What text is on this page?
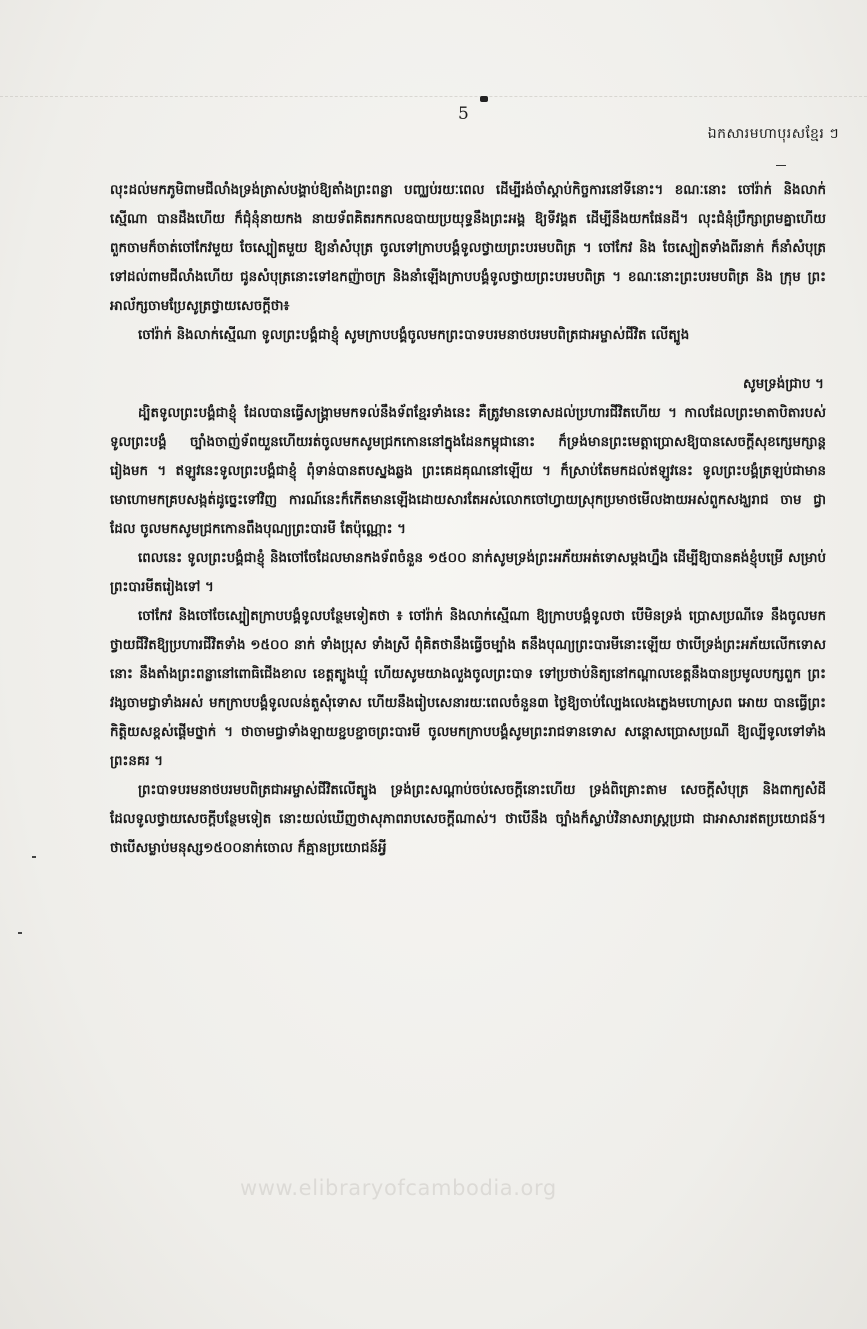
5
ឯកសារមហាបុរសខ្មែរ ៗ

លុះដល់មកភូមិពាមជីលាំងទ្រង់ត្រាស់បង្គាប់ឱ្យតាំងព្រះពន្លា បញ្ឈប់រយៈពេល ដើម្បីរង់ចាំស្ដាប់កិច្ចការនៅទីនោះ។ ខណៈនោះ ចៅរ៉ាក់ និងលាក់ស្មើណា បានដឹងហើយ ក៏ជុំនុំនាយកង នាយទ័ពគិតរកកលឧបាយប្រយុទ្ធនឹងព្រះអង្គ ឱ្យទីវង្គត ដើម្បីនឹងយកផែនដី។ លុះជំនុំប្រឹក្សាព្រមគ្នាហើយ ពួកចាមក៏ចាត់ចៅកែវមួយ ចែស្បៀតមួយ ឱ្យនាំសំបុត្រ ចូលទៅក្រាបបង្គំទូលថ្វាយព្រះបរមបពិត្រ ។ ចៅកែវ និង ចែស្បៀតទាំងពីរនាក់ ក៏នាំសំបុត្រទៅដល់ពាមជីលាំងហើយ ជូនសំបុត្រនោះទៅឧកញ៉ាចក្រ និងនាំឡើងក្រាបបង្គំទូលថ្វាយព្រះបរមបពិត្រ ។ ខណៈនោះព្រះបរមបពិត្រ និង ក្រុម ព្រះអាល័ក្សចាមប្រែសូត្រថ្វាយសេចក្ដីថា៖

ចៅរ៉ាក់ និងលាក់ស្មើណា ទូលព្រះបង្គំជាខ្ញុំ សូមក្រាបបង្គំចូលមកព្រះបាទបរមនាថបរមបពិត្រជាអម្ចាស់ជីវិត លើត្បូង

សូមទ្រង់ជ្រាប ។

ដ្បិតទូលព្រះបង្គំជាខ្ញុំ ដែលបានធ្វើសង្គ្រាមមកទល់នឹងទ័ពខ្មែរទាំងនេះ គឺត្រូវមានទោសដល់ប្រហារជីវិតហើយ ។ កាលដែលព្រះមាតាបិតារបស់ទូលព្រះបង្គំ ច្បាំងចាញ់ទ័ពយួនហើយរត់ចូលមកសូមជ្រកកោននៅក្នុងដែនកម្ពុជានោះ ក៏ទ្រង់មានព្រះមេត្តាប្រោសឱ្យបានសេចក្ដីសុខក្សេមក្សាន្តរៀងមក ។ ឥឡូវនេះទូលព្រះបង្គំជាខ្ញុំ ពុំទាន់បានតបស្នងឆ្លង ព្រះគេដគុណនៅឡើយ ។ ក៏ស្រាប់តែមកដល់ឥឡូវនេះ ទូលព្រះបង្គំត្រឡប់ជាមានមោហោមកគ្របសង្កត់ដូច្នេះទៅវិញ ការណ៍នេះក៏កើតមានឡើងដោយសារតែអស់លោកចៅហ្វាយស្រុកប្រមាថមើលងាយអស់ពួកសង្ឃរាជ ចាម ជ្វា ដែល ចូលមកសូមជ្រកកោនពឹងបុណ្យព្រះបារមី តែប៉ុណ្ណោះ ។

ពេលនេះ ទូលព្រះបង្គំជាខ្ញុំ និងចៅចែដែលមានកងទ័ពចំនួន ១៥០០ នាក់សូមទ្រង់ព្រះអភ័យអត់ទោសម្ដងហ្នឹង ដើម្បីឱ្យបានគង់ខ្ញុំបម្រើ សម្រាប់ព្រះបារមីតរៀងទៅ ។

ចៅកែវ និងចៅចែស្បៀតក្រាបបង្គំទូលបន្ថែមទៀតថា ៖ ចៅរ៉ាក់ និងលាក់ស្មើណា ឱ្យក្រាបបង្គំទូលថា បើមិនទ្រង់ ប្រោសប្រណីទេ នឹងចូលមកថ្វាយជីវិតឱ្យប្រហារជីវិតទាំង ១៥០០ នាក់ ទាំងប្រុស ទាំងស្រី ពុំគិតថានឹងធ្វើចម្បាំង តនឹងបុណ្យព្រះបារមីនោះឡើយ ថាបើទ្រង់ព្រះអភ័យលើកទោសនោះ នឹងតាំងព្រះពន្លានៅពោធិជើងខាល ខេត្តត្បូងឃ្មុំ ហើយសូមយាងលួងចូលព្រះបាទ ទៅប្រថាប់និត្យនៅកណ្ដាលខេត្តនឹងបានប្រមូលបក្សពួក ព្រះវង្សចាមជ្វាទាំងអស់ មកក្រាបបង្គំទូលលន់តួសុំទោស ហើយនឹងរៀបសេនារយៈពេលចំនួន៣ ថ្ងៃឱ្យចាប់ល្បែងលេងភ្លេងមហោស្រព អោយ បានធ្វើព្រះកិត្តិយសខ្ពស់ផ្ដើមថ្នាក់ ។ ថាចាមជ្វាទាំងឡាយខ្ជបខ្ជាចព្រះបារមី ចូលមកក្រាបបង្គំសូមព្រះរាជទានទោស សន្ដោសប្រោសប្រណី ឱ្យល្បីទូលទៅទាំងព្រះនគរ ។

ព្រះបាទបរមនាថបរមបពិត្រជាអម្ចាស់ជីវិតលើត្បូង ទ្រង់ព្រះសណ្ដាប់ចប់សេចក្ដីនោះហើយ ទ្រង់ពិគ្រោះតាម សេចក្ដីសំបុត្រ និងពាក្យសំដីដែលទូលថ្វាយសេចក្ដីបន្ថែមទៀត នោះយល់ឃើញថាសុភាពរាបសេចក្ដីណាស់។ ថាបើនឹង ច្បាំងក៏ស្លាប់វិនាសរាស្ត្រប្រជា ជាអាសារឥតប្រយោជន៍។ ថាបើសម្លាប់មនុស្ស១៥០០នាក់ចោល ក៏គ្មានប្រយោជន៍អ្វី

www.elibraryofcambodia.org
